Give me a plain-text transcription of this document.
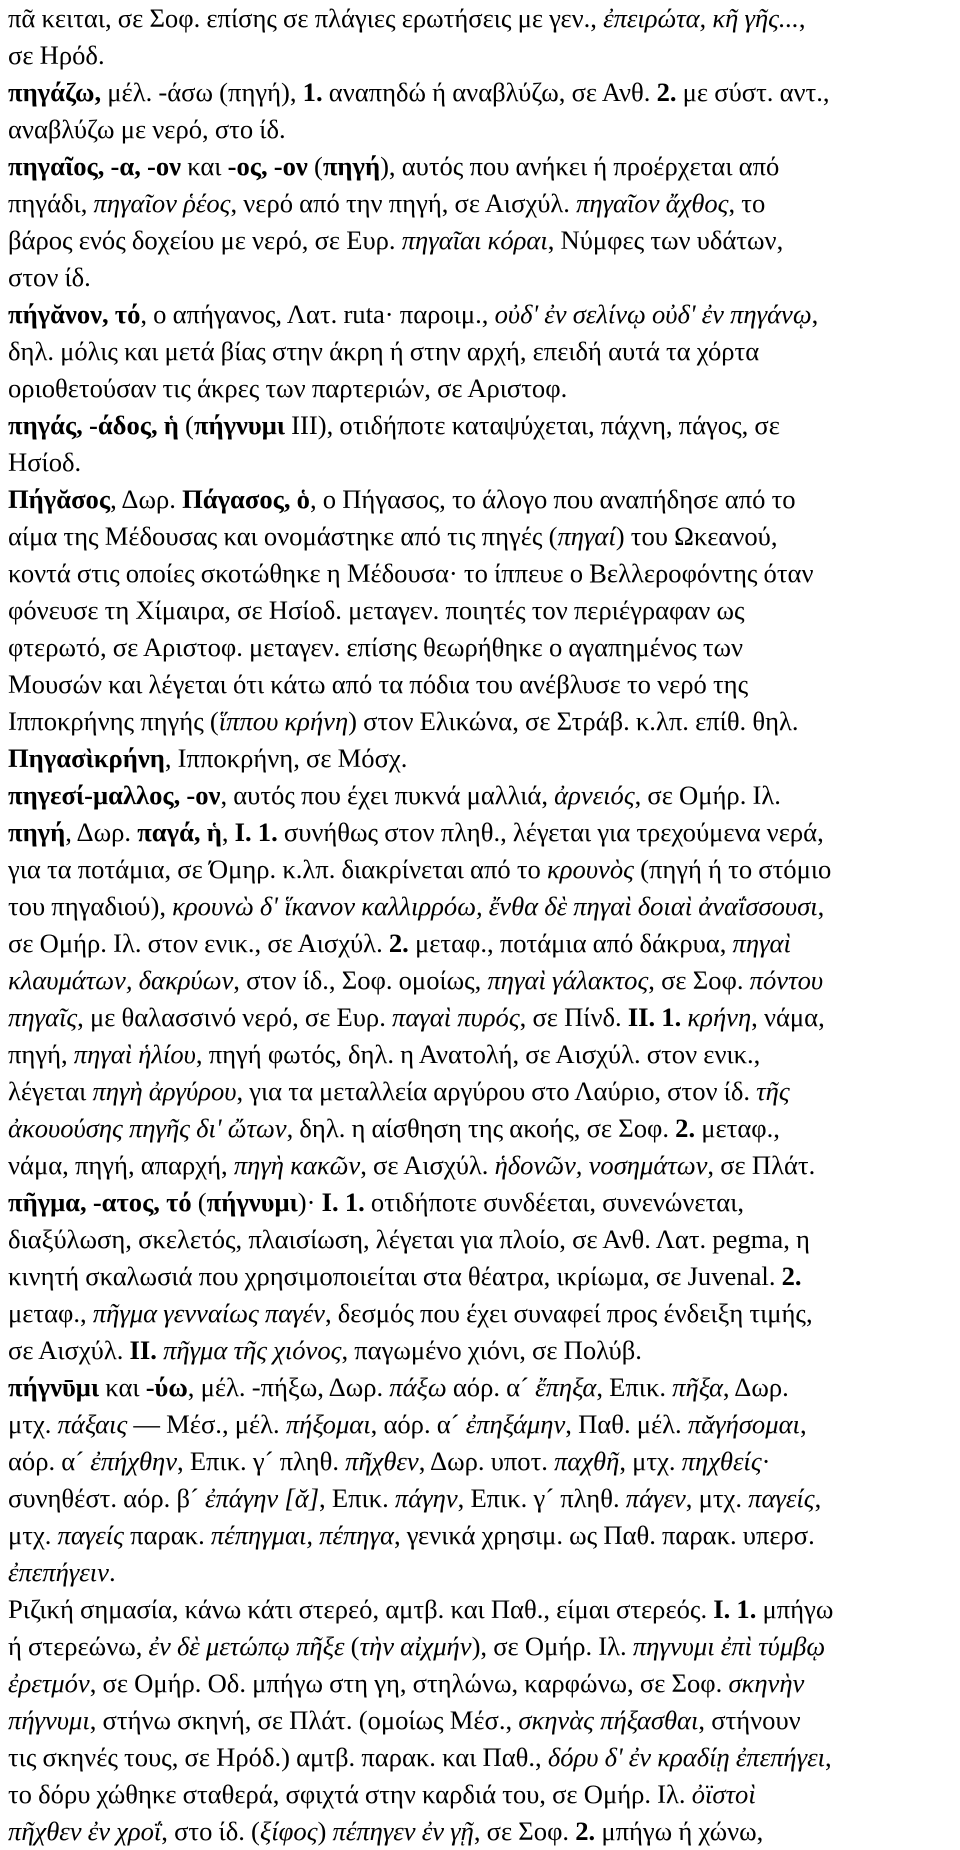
πᾶ κειται, σε Σοφ. επίσης σε πλάγιες ερωτήσεις με γεν., ἐπειρώτα, κῆ γῆς...,
σε Ηρόδ.
πηγάζω, μέλ. -άσω (πηγή), 1. αναπηδώ ή αναβλύζω, σε Ανθ. 2. με σύστ. αντ.,
αναβλύζω με νερό, στο ίδ.
πηγαῖος, -α, -ον και -ος, -ον (πηγή), αυτός που ανήκει ή προέρχεται από
πηγάδι, πηγαῖον ῥέος, νερό από την πηγή, σε Αισχύλ. πηγαῖον ἄχθος, το
βάρος ενός δοχείου με νερό, σε Ευρ. πηγαῖαι κόραι, Νύμφες των υδάτων,
στον ίδ.
πήγᾰνον, τό, ο απήγανος, Λατ. ruta· παροιμ., οὐδ' ἐν σελίνῳ οὐδ' ἐν πηγάνῳ,
δηλ. μόλις και μετά βίας στην άκρη ή στην αρχή, επειδή αυτά τα χόρτα
οριοθετούσαν τις άκρες των παρτεριών, σε Αριστοφ.
πηγάς, -άδος, ἡ (πήγνυμι III), οτιδήποτε καταψύχεται, πάχνη, πάγος, σε
Ησίοδ.
Πήγᾰσος, Δωρ. Πάγασος, ὁ, ο Πήγασος, το άλογο που αναπήδησε από το
αίμα της Μέδουσας και ονομάστηκε από τις πηγές (πηγαί) του Ωκεανού,
κοντά στις οποίες σκοτώθηκε η Μέδουσα· το ίππευε ο Βελλεροφόντης όταν
φόνευσε τη Χίμαιρα, σε Ησίοδ. μεταγεν. ποιητές τον περιέγραφαν ως
φτερωτό, σε Αριστοφ. μεταγεν. επίσης θεωρήθηκε ο αγαπημένος των
Μουσών και λέγεται ότι κάτω από τα πόδια του ανέβλυσε το νερό της
Ιπποκρήνης πηγής (ἵππου κρήνη) στον Ελικώνα, σε Στράβ. κ.λπ. επίθ. θηλ.
Πηγασὶκρήνη, Ιπποκρήνη, σε Μόσχ.
πηγεσί-μαλλος, -ον, αυτός που έχει πυκνά μαλλιά, ἀρνειός, σε Ομήρ. Ιλ.
πηγή, Δωρ. παγά, ἡ, I. 1. συνήθως στον πληθ., λέγεται για τρεχούμενα νερά,
για τα ποτάμια, σε Όμηρ. κ.λπ. διακρίνεται από το κρουνὸς (πηγή ή το στόμιο
του πηγαδιού), κρουνὼ δ' ἵκανον καλλιρρόω, ἔνθα δὲ πηγαὶ δοιαὶ ἀναΐσσουσι,
σε Ομήρ. Ιλ. στον ενικ., σε Αισχύλ. 2. μεταφ., ποτάμια από δάκρυα, πηγαὶ
κλαυμάτων, δακρύων, στον ίδ., Σοφ. ομοίως, πηγαὶ γάλακτος, σε Σοφ. πόντου
πηγαῖς, με θαλασσινό νερό, σε Ευρ. παγαὶ πυρός, σε Πίνδ. II. 1. κρήνη, νάμα,
πηγή, πηγαὶ ἡλίου, πηγή φωτός, δηλ. η Ανατολή, σε Αισχύλ. στον ενικ.,
λέγεται πηγὴ ἀργύρου, για τα μεταλλεία αργύρου στο Λαύριο, στον ίδ. τῆς
ἀκουούσης πηγῆς δι' ὤτων, δηλ. η αίσθηση της ακοής, σε Σοφ. 2. μεταφ.,
νάμα, πηγή, απαρχή, πηγὴ κακῶν, σε Αισχύλ. ἡδονῶν, νοσημάτων, σε Πλάτ.
πῆγμα, -ατος, τό (πήγνυμι)· I. 1. οτιδήποτε συνδέεται, συνενώνεται,
διαξύλωση, σκελετός, πλαισίωση, λέγεται για πλοίο, σε Ανθ. Λατ. pegma, η
κινητή σκαλωσιά που χρησιμοποιείται στα θέατρα, ικρίωμα, σε Juvenal. 2.
μεταφ., πῆγμα γενναίως παγέν, δεσμός που έχει συναφεί προς ένδειξη τιμής,
σε Αισχύλ. II. πῆγμα τῆς χιόνος, παγωμένο χιόνι, σε Πολύβ.
πήγνῡμι και -ύω, μέλ. -πήξω, Δωρ. πάξω αόρ. α´ ἔπηξα, Επικ. πῆξα, Δωρ.
μτχ. πάξαις — Μέσ., μέλ. πήξομαι, αόρ. α´ ἐπηξάμην, Παθ. μέλ. πᾰγήσομαι,
αόρ. α´ ἐπήχθην, Επικ. γ´ πληθ. πῆχθεν, Δωρ. υποτ. παχθῆ, μτχ. πηχθείς·
συνηθέστ. αόρ. β´ ἐπάγην [ᾰ], Επικ. πάγην, Επικ. γ´ πληθ. πάγεν, μτχ. παγείς,
μτχ. παγείς παρακ. πέπηγμαι, πέπηγα, γενικά χρησιμ. ως Παθ. παρακ. υπερσ.
ἐπεπήγειν.
Ριζική σημασία, κάνω κάτι στερεό, αμτβ. και Παθ., είμαι στερεός. I. 1. μπήγω
ή στερεώνω, ἐν δὲ μετώπῳ πῆξε (τὴν αἰχμήν), σε Ομήρ. Ιλ. πηγνυμι ἐπὶ τύμβῳ
ἐρετμόν, σε Ομήρ. Οδ. μπήγω στη γη, στηλώνω, καρφώνω, σε Σοφ. σκηνὴν
πήγνυμι, στήνω σκηνή, σε Πλάτ. (ομοίως Μέσ., σκηνὰς πήξασθαι, στήνουν
τις σκηνές τους, σε Ηρόδ.) αμτβ. παρακ. και Παθ., δόρυ δ' ἐν κραδίῃ ἐπεπήγει,
το δόρυ χώθηκε σταθερά, σφιχτά στην καρδιά του, σε Ομήρ. Ιλ. ὀϊστοὶ
πῆχθεν ἐν χροΐ, στο ίδ. (ξίφος) πέπηγεν ἐν γῇ, σε Σοφ. 2. μπήγω ή χώνω,
